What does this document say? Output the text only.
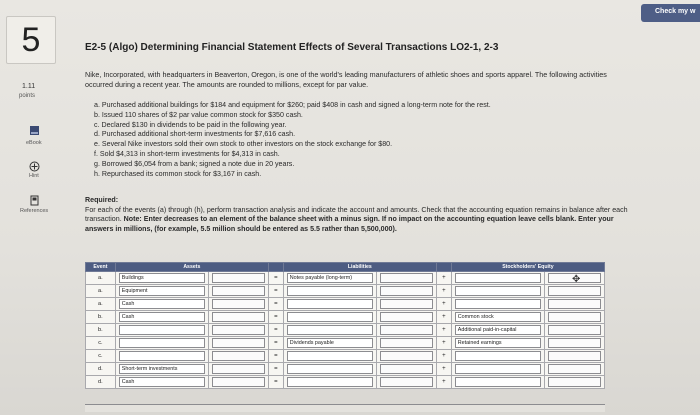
Check my w
5
1.11
points
eBook
Hint
References
E2-5 (Algo) Determining Financial Statement Effects of Several Transactions LO2-1, 2-3
Nike, Incorporated, with headquarters in Beaverton, Oregon, is one of the world's leading manufacturers of athletic shoes and sports apparel. The following activities occurred during a recent year. The amounts are rounded to millions, except for par value.
a. Purchased additional buildings for $184 and equipment for $260; paid $408 in cash and signed a long-term note for the rest.
b. Issued 110 shares of $2 par value common stock for $350 cash.
c. Declared $130 in dividends to be paid in the following year.
d. Purchased additional short-term investments for $7,616 cash.
e. Several Nike investors sold their own stock to other investors on the stock exchange for $80.
f. Sold $4,313 in short-term investments for $4,313 in cash.
g. Borrowed $6,054 from a bank; signed a note due in 20 years.
h. Repurchased its common stock for $3,167 in cash.
Required:
For each of the events (a) through (h), perform transaction analysis and indicate the account and amounts. Check that the accounting equation remains in balance after each transaction. Note: Enter decreases to an element of the balance sheet with a minus sign. If no impact on the accounting equation leave cells blank. Enter your answers in millions, (for example, 5.5 million should be entered as 5.5 rather than 5,500,000).
Event	Assets			Liabilities			Stockholders' Equity	
a.	Buildings		=	Notes payable (long-term)		+	

a.	Equipment		=			+	

a.	Cash		=			+	

b.	Cash		=			+	Common stock	

b.			=			+	Additional paid-in-capital	

c.			=	Dividends payable		+	Retained earnings	

c.			=			+	

d.	Short-term investments		=			+	

d.	Cash		=			+	

✥
